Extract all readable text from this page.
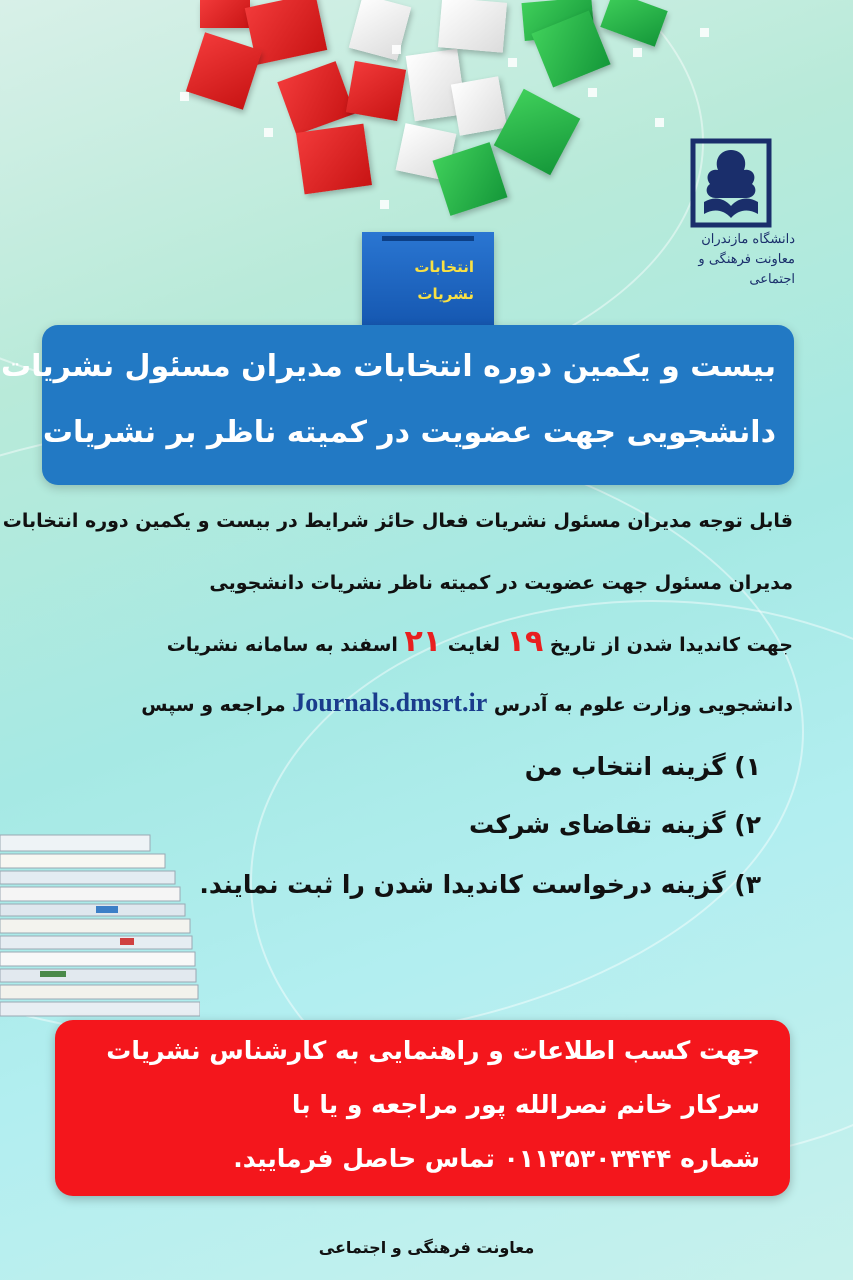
دانشگاه مازندران
معاونت فرهنگی و اجتماعی
انتخابات
نشریات
بیست و یکمین دوره انتخابات مدیران مسئول نشریات
دانشجویی جهت عضویت در کمیته ناظر بر نشریات
قابل توجه مدیران مسئول نشریات فعال حائز شرایط در بیست و یکمین دوره انتخابات
مدیران مسئول جهت عضویت در کمیته ناظر نشریات دانشجویی
جهت کاندیدا شدن از تاریخ ۱۹ لغایت ۲۱ اسفند به سامانه نشریات
دانشجویی وزارت علوم به آدرس Journals.dmsrt.ir مراجعه و سپس
۱) گزینه انتخاب من
۲) گزینه تقاضای شرکت
۳) گزینه درخواست کاندیدا شدن را ثبت نمایند.
جهت کسب اطلاعات و راهنمایی به کارشناس نشریات
سرکار خانم نصرالله پور مراجعه و یا با
شماره ۰۱۱۳۵۳۰۳۴۴۴ تماس حاصل فرمایید.
معاونت فرهنگی و اجتماعی
